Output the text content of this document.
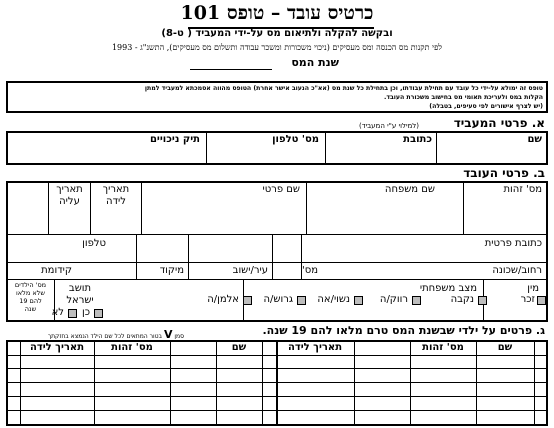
כרטיס עובד – טופס 101
ובקשה להקלה ולתיאום מס על-ידי המעביד ( ט-8)
לפי תקנות מס הכנסה ומס מעסיקים (ניכוי משכורות ומשכר עבודה ותשלום מס מעסיקים), התשנ"ג - 1993
שנת המס
טופס זה ימולא על-ידי כל עובד עם תחילת עבודתו, וכן בתחילת כל שנת מס (אא"כ הנעוב אישר אחרת) הטופס מהווה אסמכתא למעביד למתן
הקלות במס ולעריכת תאומי מס בחישוב משכורת העובד.
(יש לצרף אישורים לפי סעיפים, בטבלה)
א. פרטי המעביד
(למילוי ע"י המעביד)
שם
כתובת
מס' טלפון
תיק ניכויים
ב. פרטי העובד
מס' זהות
שם משפחה
שם פרטי
תאריך
לידה
תאריך
עליה
כתובת פרטית
טלפון
רחוב/שכונה
מס'
עיר/ישוב
מיקוד
קידומת
מין
זכר
נקבה
מצב משפחתי
רווק/ה
נשוי/אה
גרוש/ה
אלמן/ה
תושב
ישראל
כן
לא
מס' הילדים
שלא מלאו
להם 19
שנה
ג. פרטים על ילדי שבשנת המס טרם מלאו להם 19 שנה.
סמן V בטור המתאים לכל שם הילד הנמצא בחזקתך
שם
מס' זהות
תאריך לידה
שם
מס' זהות
תאריך לידה
